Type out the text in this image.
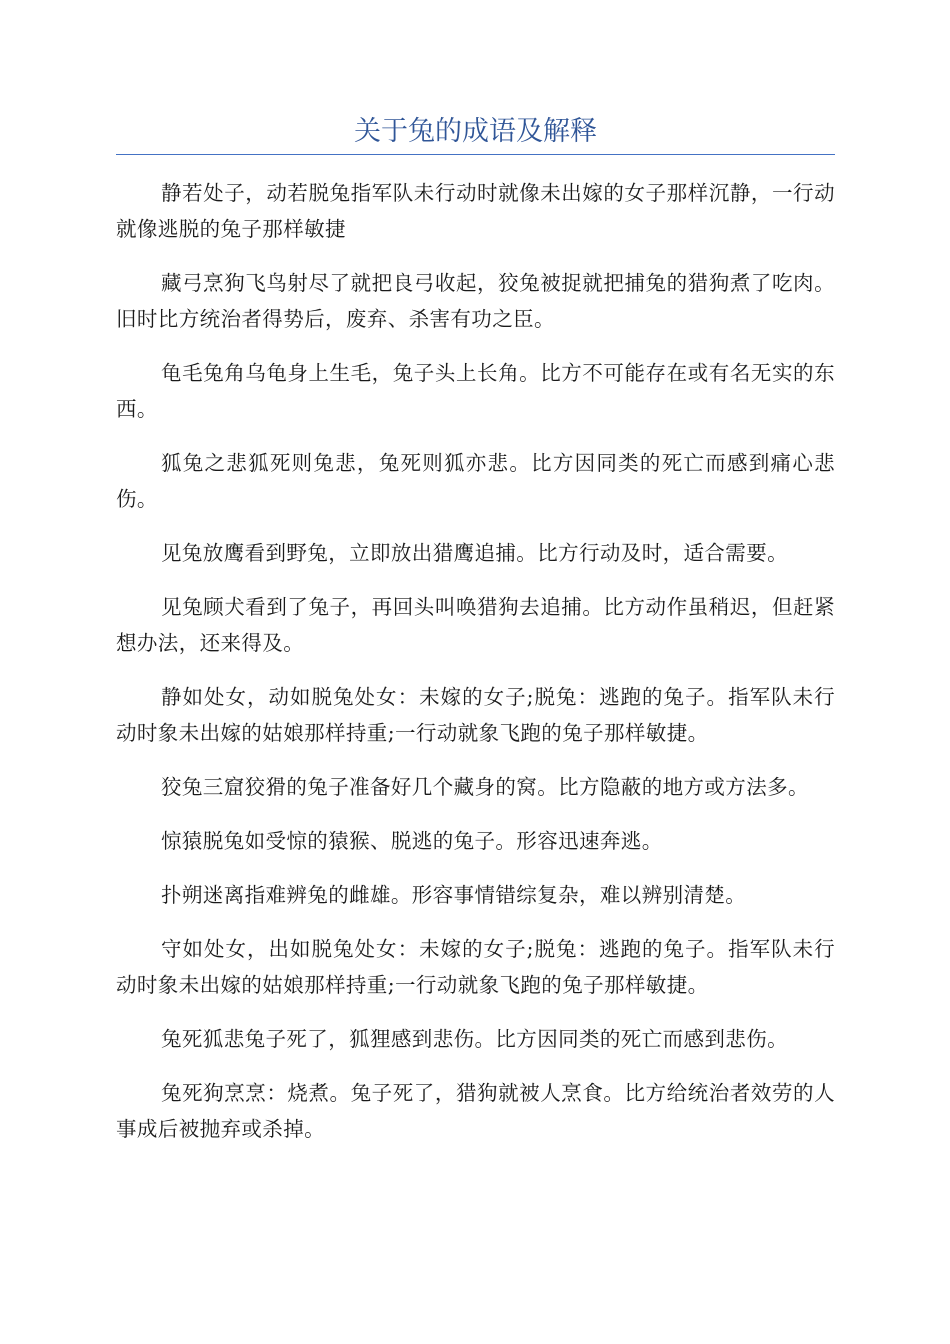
关于兔的成语及解释

静若处子，动若脱兔指军队未行动时就像未出嫁的女子那样沉静，一行动就像逃脱的兔子那样敏捷

藏弓烹狗飞鸟射尽了就把良弓收起，狡兔被捉就把捕兔的猎狗煮了吃肉。旧时比方统治者得势后，废弃、杀害有功之臣。

龟毛兔角乌龟身上生毛，兔子头上长角。比方不可能存在或有名无实的东西。

狐兔之悲狐死则兔悲，兔死则狐亦悲。比方因同类的死亡而感到痛心悲伤。

见兔放鹰看到野兔，立即放出猎鹰追捕。比方行动及时，适合需要。

见兔顾犬看到了兔子，再回头叫唤猎狗去追捕。比方动作虽稍迟，但赶紧想办法，还来得及。

静如处女，动如脱兔处女：未嫁的女子;脱兔：逃跑的兔子。指军队未行动时象未出嫁的姑娘那样持重;一行动就象飞跑的兔子那样敏捷。

狡兔三窟狡猾的兔子准备好几个藏身的窝。比方隐蔽的地方或方法多。

惊猿脱兔如受惊的猿猴、脱逃的兔子。形容迅速奔逃。

扑朔迷离指难辨兔的雌雄。形容事情错综复杂，难以辨别清楚。

守如处女，出如脱兔处女：未嫁的女子;脱兔：逃跑的兔子。指军队未行动时象未出嫁的姑娘那样持重;一行动就象飞跑的兔子那样敏捷。

兔死狐悲兔子死了，狐狸感到悲伤。比方因同类的死亡而感到悲伤。

兔死狗烹烹：烧煮。兔子死了，猎狗就被人烹食。比方给统治者效劳的人事成后被抛弃或杀掉。
